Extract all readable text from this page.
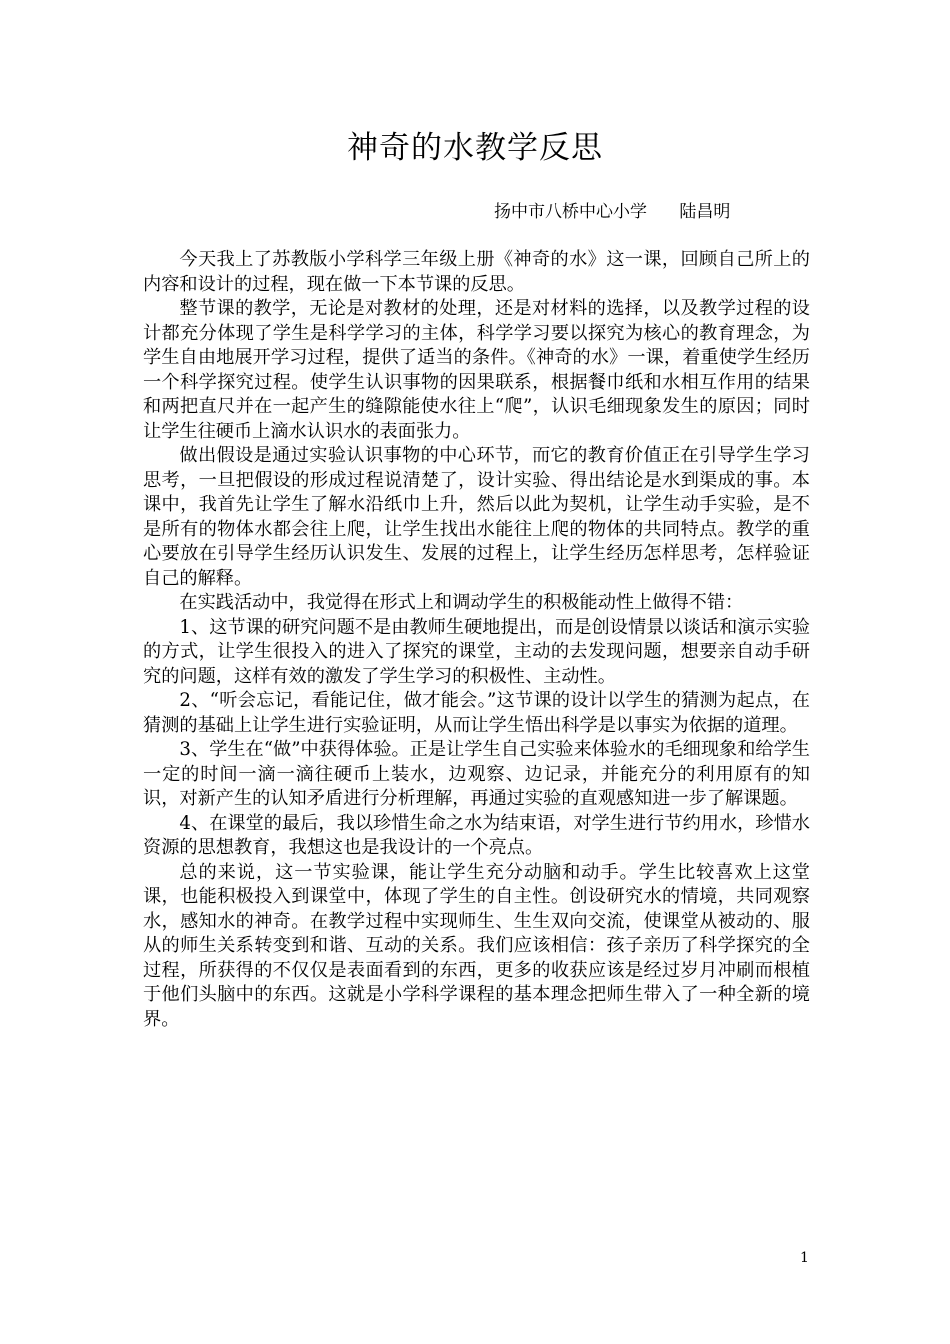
神奇的水教学反思
扬中市八桥中心小学      陆昌明

今天我上了苏教版小学科学三年级上册《神奇的水》这一课，回顾自己所上的内容和设计的过程，现在做一下本节课的反思。

整节课的教学，无论是对教材的处理，还是对材料的选择，以及教学过程的设计都充分体现了学生是科学学习的主体，科学学习要以探究为核心的教育理念，为学生自由地展开学习过程，提供了适当的条件。《神奇的水》一课，着重使学生经历一个科学探究过程。使学生认识事物的因果联系，根据餐巾纸和水相互作用的结果和两把直尺并在一起产生的缝隙能使水往上“爬”，认识毛细现象发生的原因；同时让学生往硬币上滴水认识水的表面张力。

做出假设是通过实验认识事物的中心环节，而它的教育价值正在引导学生学习思考，一旦把假设的形成过程说清楚了，设计实验、得出结论是水到渠成的事。本课中，我首先让学生了解水沿纸巾上升，然后以此为契机，让学生动手实验，是不是所有的物体水都会往上爬，让学生找出水能往上爬的物体的共同特点。教学的重心要放在引导学生经历认识发生、发展的过程上，让学生经历怎样思考，怎样验证自己的解释。

在实践活动中，我觉得在形式上和调动学生的积极能动性上做得不错：

1、这节课的研究问题不是由教师生硬地提出，而是创设情景以谈话和演示实验的方式，让学生很投入的进入了探究的课堂，主动的去发现问题，想要亲自动手研究的问题，这样有效的激发了学生学习的积极性、主动性。

2、“听会忘记，看能记住，做才能会。”这节课的设计以学生的猜测为起点，在猜测的基础上让学生进行实验证明，从而让学生悟出科学是以事实为依据的道理。

3、学生在“做”中获得体验。正是让学生自己实验来体验水的毛细现象和给学生一定的时间一滴一滴往硬币上装水，边观察、边记录，并能充分的利用原有的知识，对新产生的认知矛盾进行分析理解，再通过实验的直观感知进一步了解课题。

4、在课堂的最后，我以珍惜生命之水为结束语，对学生进行节约用水，珍惜水资源的思想教育，我想这也是我设计的一个亮点。

总的来说，这一节实验课，能让学生充分动脑和动手。学生比较喜欢上这堂课，也能积极投入到课堂中，体现了学生的自主性。创设研究水的情境，共同观察水，感知水的神奇。在教学过程中实现师生、生生双向交流，使课堂从被动的、服从的师生关系转变到和谐、互动的关系。我们应该相信：孩子亲历了科学探究的全过程，所获得的不仅仅是表面看到的东西，更多的收获应该是经过岁月冲刷而根植于他们头脑中的东西。这就是小学科学课程的基本理念把师生带入了一种全新的境界。

1
